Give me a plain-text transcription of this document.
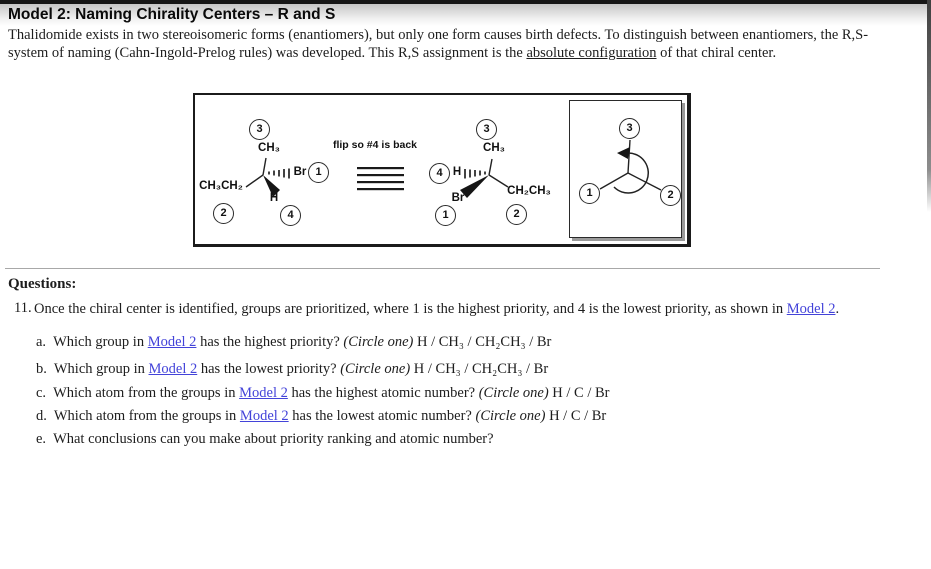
Model 2: Naming Chirality Centers – R and S
Thalidomide exists in two stereoisomeric forms (enantiomers), but only one form causes birth defects. To distinguish between enantiomers, the R,S-system of naming (Cahn-Ingold-Prelog rules) was developed. This R,S assignment is the absolute configuration of that chiral center.
3
CH₃
CH₃CH₂
2
Br 1
H
4
flip so #4 is back
3
CH₃
4 H
Br
1
CH₂CH₃
2
3
1	2
Questions:
11. Once the chiral center is identified, groups are prioritized, where 1 is the highest priority, and 4 is the lowest priority, as shown in Model 2.
a. Which group in Model 2 has the highest priority? (Circle one) H / CH₃ / CH₂CH₃ / Br
b. Which group in Model 2 has the lowest priority? (Circle one) H / CH₃ / CH₂CH₃ / Br
c. Which atom from the groups in Model 2 has the highest atomic number? (Circle one) H / C / Br
d. Which atom from the groups in Model 2 has the lowest atomic number? (Circle one) H / C / Br
e. What conclusions can you make about priority ranking and atomic number?
